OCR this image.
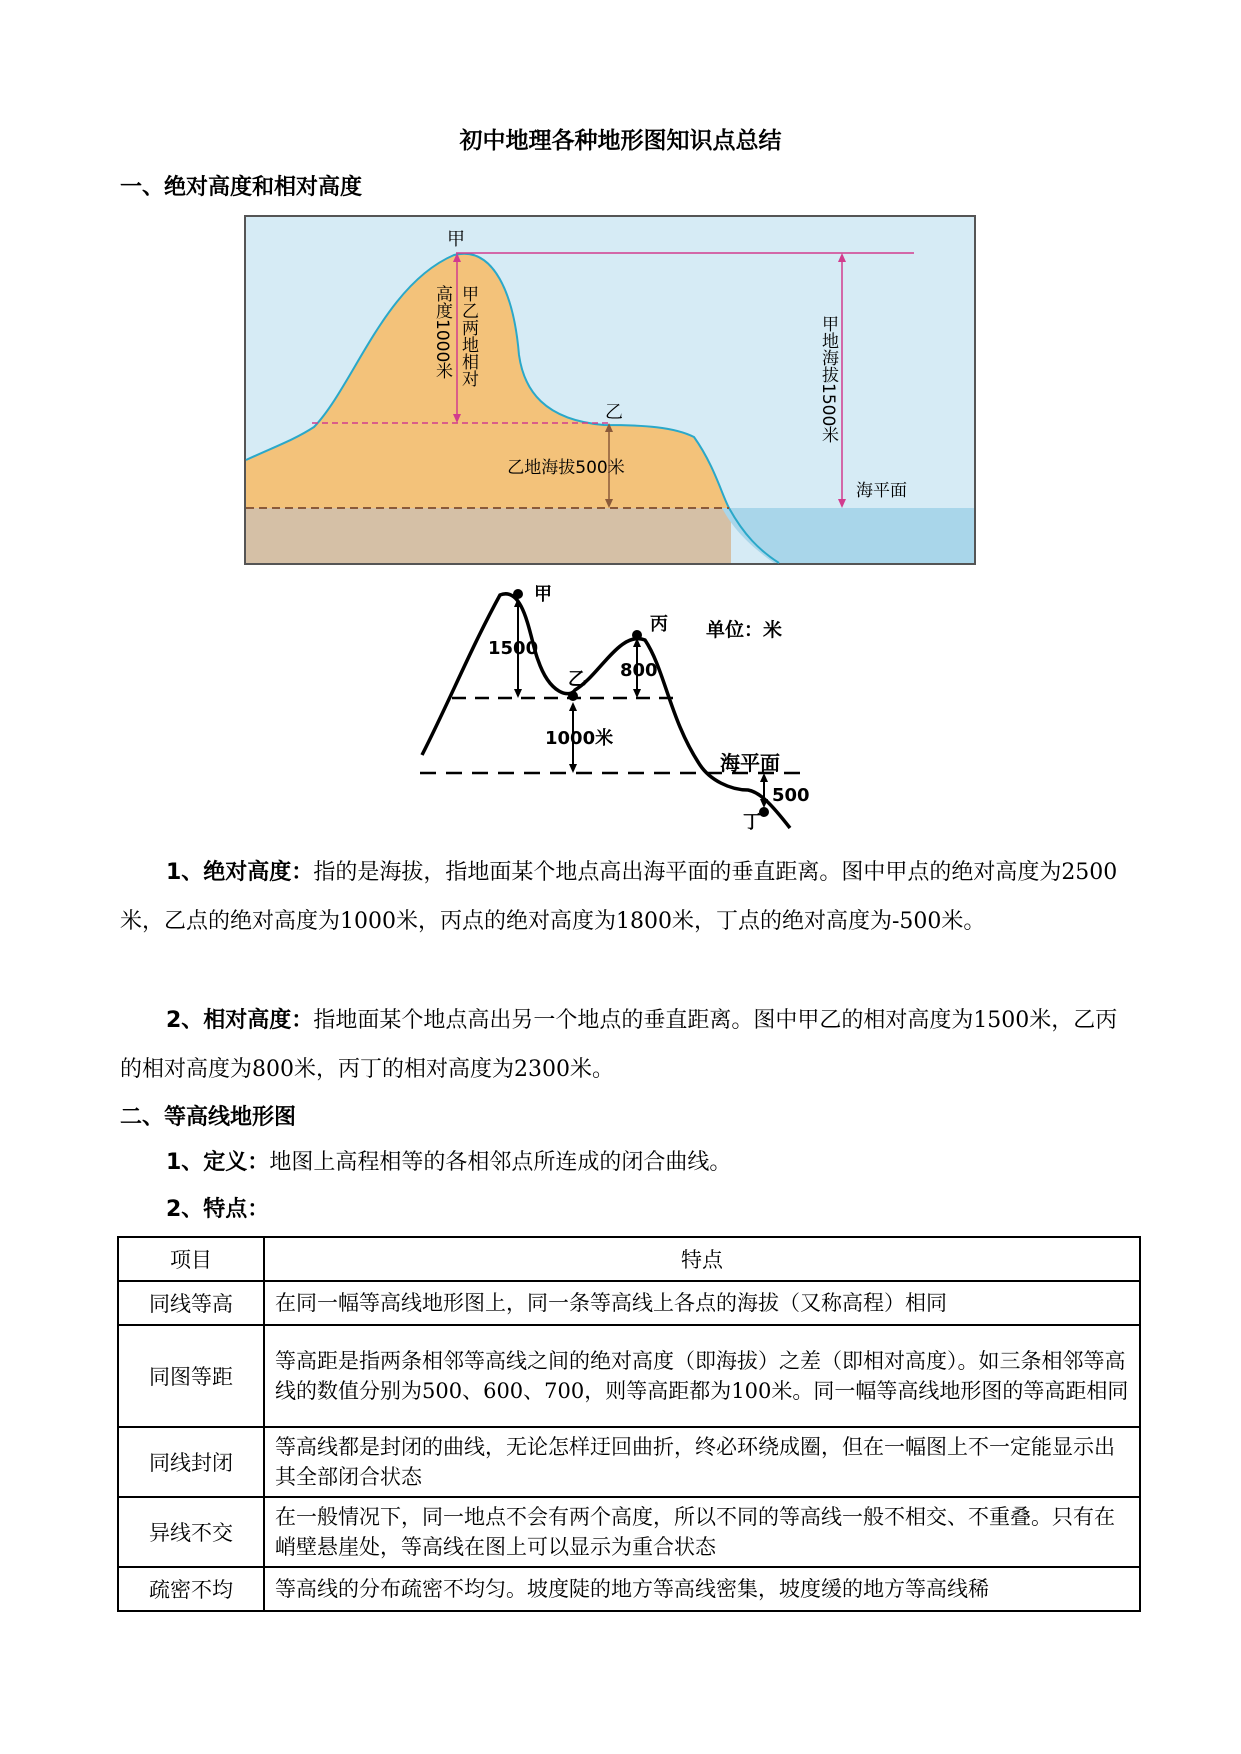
初中地理各种地形图知识点总结
一、绝对高度和相对高度
甲
乙
乙地海拔500米
海平面
高度1000米 甲乙两地相对	甲地海拔1500米
甲
乙
丙
丁
单位：米
1500
800
1000米
500
海平面
1、绝对高度：指的是海拔，指地面某个地点高出海平面的垂直距离。图中甲点的绝对高度为2500米，乙点的绝对高度为1000米，丙点的绝对高度为1800米，丁点的绝对高度为-500米。
2、相对高度：指地面某个地点高出另一个地点的垂直距离。图中甲乙的相对高度为1500米，乙丙的相对高度为800米，丙丁的相对高度为2300米。
二、等高线地形图
1、定义：地图上高程相等的各相邻点所连成的闭合曲线。
2、特点：
项目	特点
同线等高	在同一幅等高线地形图上，同一条等高线上各点的海拔（又称高程）相同
同图等距	等高距是指两条相邻等高线之间的绝对高度（即海拔）之差（即相对高度）。如三条相邻等高线的数值分别为500、600、700，则等高距都为100米。同一幅等高线地形图的等高距相同
同线封闭	等高线都是封闭的曲线，无论怎样迂回曲折，终必环绕成圈，但在一幅图上不一定能显示出其全部闭合状态
异线不交	在一般情况下，同一地点不会有两个高度，所以不同的等高线一般不相交、不重叠。只有在峭壁悬崖处，等高线在图上可以显示为重合状态
疏密不均	等高线的分布疏密不均匀。坡度陡的地方等高线密集，坡度缓的地方等高线稀
